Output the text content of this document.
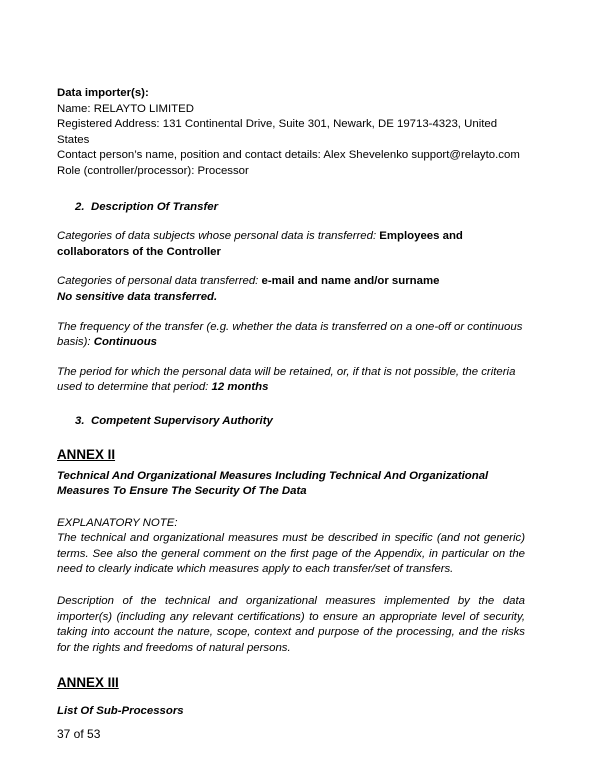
Data importer(s):

Name: RELAYTO LIMITED

Registered Address: 131 Continental Drive, Suite 301, Newark, DE 19713-4323, United States

Contact person’s name, position and contact details: Alex Shevelenko support@relayto.com

Role (controller/processor): Processor

2. Description Of Transfer

Categories of data subjects whose personal data is transferred: Employees and collaborators of the Controller

Categories of personal data transferred: e-mail and name and/or surname

No sensitive data transferred.

The frequency of the transfer (e.g. whether the data is transferred on a one-off or continuous basis): Continuous

The period for which the personal data will be retained, or, if that is not possible, the criteria used to determine that period: 12 months

3. Competent Supervisory Authority

ANNEX II

Technical And Organizational Measures Including Technical And Organizational Measures To Ensure The Security Of The Data

EXPLANATORY NOTE:

The technical and organizational measures must be described in specific (and not generic) terms. See also the general comment on the first page of the Appendix, in particular on the need to clearly indicate which measures apply to each transfer/set of transfers.

Description of the technical and organizational measures implemented by the data importer(s) (including any relevant certifications) to ensure an appropriate level of security, taking into account the nature, scope, context and purpose of the processing, and the risks for the rights and freedoms of natural persons.

ANNEX III

List Of Sub-Processors

37 of 53
